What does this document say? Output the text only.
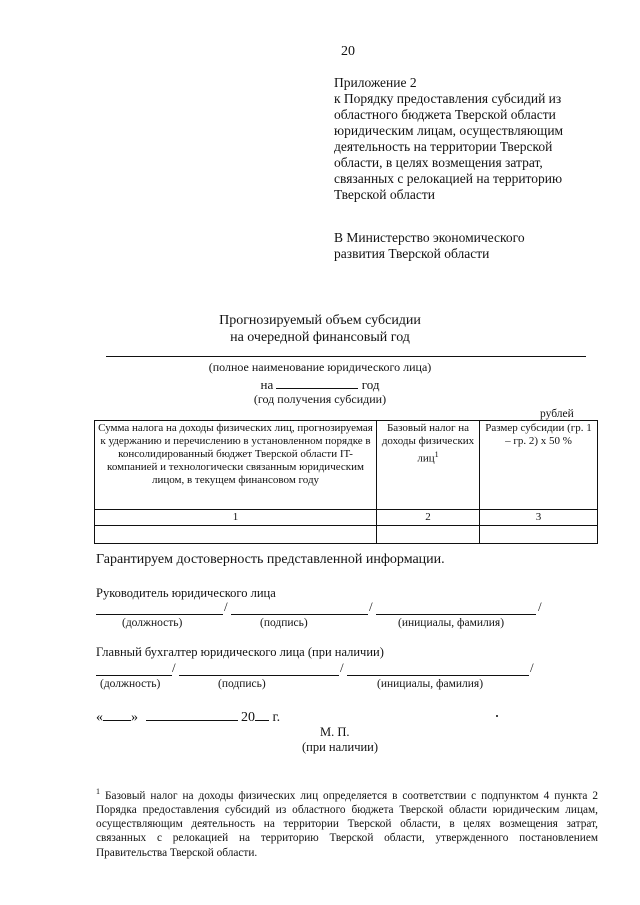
20
Приложение 2
к Порядку предоставления субсидий из
областного бюджета Тверской области
юридическим лицам, осуществляющим
деятельность на территории Тверской
области, в целях возмещения затрат,
связанных с релокацией на территорию
Тверской области
В Министерство экономического
развития Тверской области
Прогнозируемый объем субсидии
на очередной финансовый год
(полное наименование юридического лица)
на	год
(год получения субсидии)
рублей
Сумма налога на доходы физических лиц, прогнозируемая к удержанию и перечислению в установленном порядке в консолидированный бюджет Тверской области IT-компанией и технологически связанным юридическим лицом, в текущем финансовом году	Базовый налог на доходы физических лиц$^1$	Размер субсидии (гр. 1 – гр. 2) х 50 %
1	2	3

Гарантируем достоверность представленной информации.
Руководитель юридического лица
/	/	/
(должность)	(подпись)	(инициалы, фамилия)
Главный бухгалтер юридического лица (при наличии)
/	/	/
(должность)	(подпись)	(инициалы, фамилия)
« »	20 г.
М. П.
(при наличии)
$^1$ Базовый налог на доходы физических лиц определяется в соответствии с подпунктом 4 пункта 2 Порядка предоставления субсидий из областного бюджета Тверской области юридическим лицам, осуществляющим деятельность на территории Тверской области, в целях возмещения затрат, связанных с релокацией на территорию Тверской области, утвержденного постановлением Правительства Тверской области.
